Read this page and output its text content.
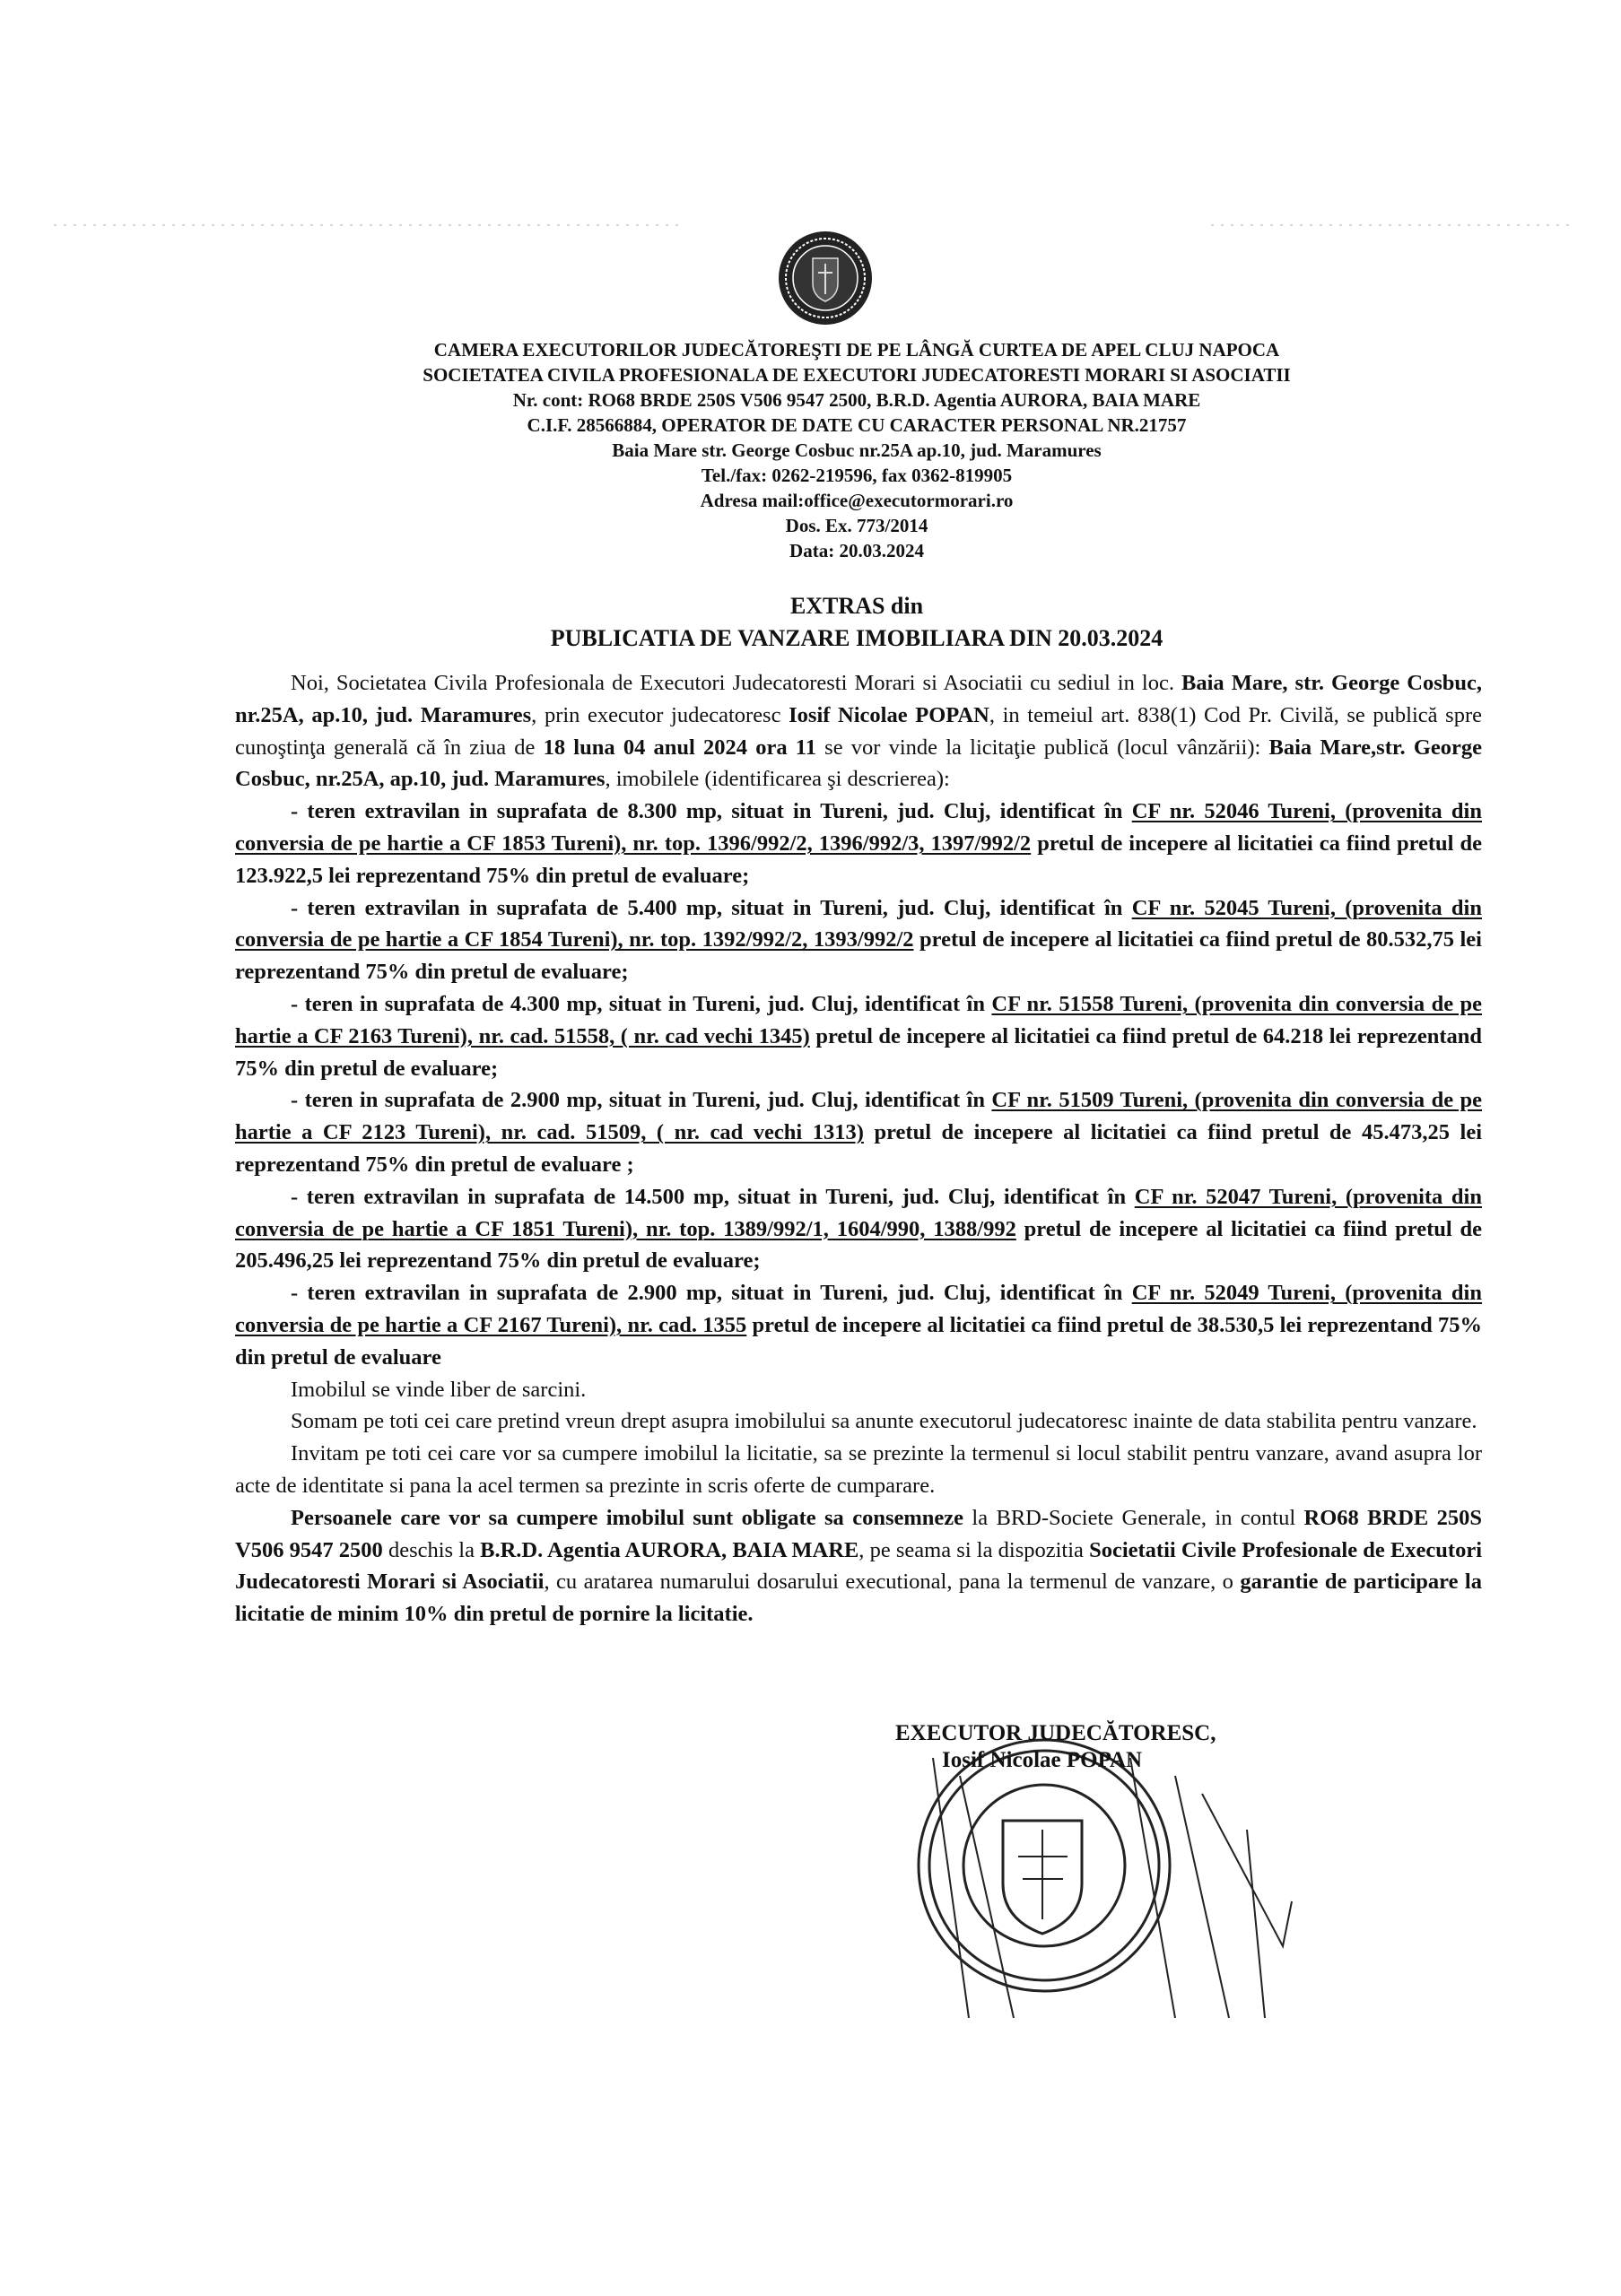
CAMERA EXECUTORILOR JUDECĂTOREŞTI DE PE LÂNGĂ CURTEA DE APEL CLUJ NAPOCA
SOCIETATEA CIVILA PROFESIONALA DE EXECUTORI JUDECATORESTI MORARI SI ASOCIATII
Nr. cont: RO68 BRDE 250S V506 9547 2500, B.R.D. Agentia AURORA, BAIA MARE
C.I.F. 28566884, OPERATOR DE DATE CU CARACTER PERSONAL NR.21757
Baia Mare str. George Cosbuc nr.25A ap.10, jud. Maramures
Tel./fax: 0262-219596, fax 0362-819905
Adresa mail:office@executormorari.ro
Dos. Ex. 773/2014
Data: 20.03.2024
EXTRAS din
PUBLICATIA DE VANZARE IMOBILIARA DIN 20.03.2024

Noi, Societatea Civila Profesionala de Executori Judecatoresti Morari si Asociatii cu sediul in loc. Baia Mare, str. George Cosbuc, nr.25A, ap.10, jud. Maramures, prin executor judecatoresc Iosif Nicolae POPAN, in temeiul art. 838(1) Cod Pr. Civilă, se publică spre cunoştinţa generală că în ziua de 18 luna 04 anul 2024 ora 11 se vor vinde la licitaţie publică (locul vânzării): Baia Mare,str. George Cosbuc, nr.25A, ap.10, jud. Maramures, imobilele (identificarea şi descrierea):

- teren extravilan in suprafata de 8.300 mp, situat in Tureni, jud. Cluj, identificat în CF nr. 52046 Tureni, (provenita din conversia de pe hartie a CF 1853 Tureni), nr. top. 1396/992/2, 1396/992/3, 1397/992/2 pretul de incepere al licitatiei ca fiind pretul de 123.922,5 lei reprezentand 75% din pretul de evaluare;

- teren extravilan in suprafata de 5.400 mp, situat in Tureni, jud. Cluj, identificat în CF nr. 52045 Tureni, (provenita din conversia de pe hartie a CF 1854 Tureni), nr. top. 1392/992/2, 1393/992/2 pretul de incepere al licitatiei ca fiind pretul de 80.532,75 lei reprezentand 75% din pretul de evaluare;

- teren in suprafata de 4.300 mp, situat in Tureni, jud. Cluj, identificat în CF nr. 51558 Tureni, (provenita din conversia de pe hartie a CF 2163 Tureni), nr. cad. 51558, ( nr. cad vechi 1345) pretul de incepere al licitatiei ca fiind pretul de 64.218 lei reprezentand 75% din pretul de evaluare;

- teren in suprafata de 2.900 mp, situat in Tureni, jud. Cluj, identificat în CF nr. 51509 Tureni, (provenita din conversia de pe hartie a CF 2123 Tureni), nr. cad. 51509, ( nr. cad vechi 1313) pretul de incepere al licitatiei ca fiind pretul de 45.473,25 lei reprezentand 75% din pretul de evaluare ;

- teren extravilan in suprafata de 14.500 mp, situat in Tureni, jud. Cluj, identificat în CF nr. 52047 Tureni, (provenita din conversia de pe hartie a CF 1851 Tureni), nr. top. 1389/992/1, 1604/990, 1388/992 pretul de incepere al licitatiei ca fiind pretul de 205.496,25 lei reprezentand 75% din pretul de evaluare;

- teren extravilan in suprafata de 2.900 mp, situat in Tureni, jud. Cluj, identificat în CF nr. 52049 Tureni, (provenita din conversia de pe hartie a CF 2167 Tureni), nr. cad. 1355 pretul de incepere al licitatiei ca fiind pretul de 38.530,5 lei reprezentand 75% din pretul de evaluare

Imobilul se vinde liber de sarcini.

Somam pe toti cei care pretind vreun drept asupra imobilului sa anunte executorul judecatoresc inainte de data stabilita pentru vanzare.

Invitam pe toti cei care vor sa cumpere imobilul la licitatie, sa se prezinte la termenul si locul stabilit pentru vanzare, avand asupra lor acte de identitate si pana la acel termen sa prezinte in scris oferte de cumparare.

Persoanele care vor sa cumpere imobilul sunt obligate sa consemneze la BRD-Societe Generale, in contul RO68 BRDE 250S V506 9547 2500 deschis la B.R.D. Agentia AURORA, BAIA MARE, pe seama si la dispozitia Societatii Civile Profesionale de Executori Judecatoresti Morari si Asociatii, cu aratarea numarului dosarului executional, pana la termenul de vanzare, o garantie de participare la licitatie de minim 10% din pretul de pornire la licitatie.

EXECUTOR JUDECĂTORESC,
Iosif Nicolae POPAN
